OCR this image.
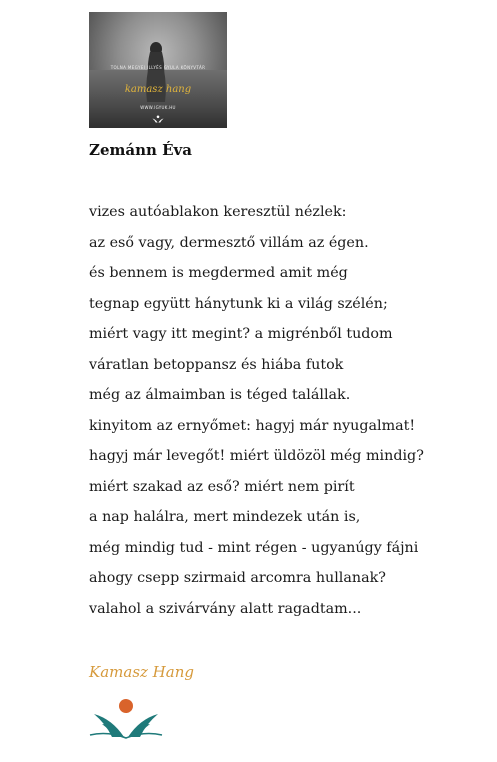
TOLNA MEGYEI ILLYÉS GYULA KÖNYVTÁR
kamasz hang
WWW.IGYUK.HU
Zemánn Éva
vizes autóablakon keresztül nézlek:
az eső vagy, dermesztő villám az égen.
és bennem is megdermed amit még
tegnap együtt hánytunk ki a világ szélén;
miért vagy itt megint? a migrénből tudom
váratlan betoppansz és hiába futok
még az álmaimban is téged talállak.
kinyitom az ernyőmet: hagyj már nyugalmat!
hagyj már levegőt! miért üldözöl még mindig?
miért szakad az eső? miért nem pirít
a nap halálra, mert mindezek után is,
még mindig tud - mint régen - ugyanúgy fájni
ahogy csepp szirmaid arcomra hullanak?
valahol a szivárvány alatt ragadtam...
Kamasz Hang
